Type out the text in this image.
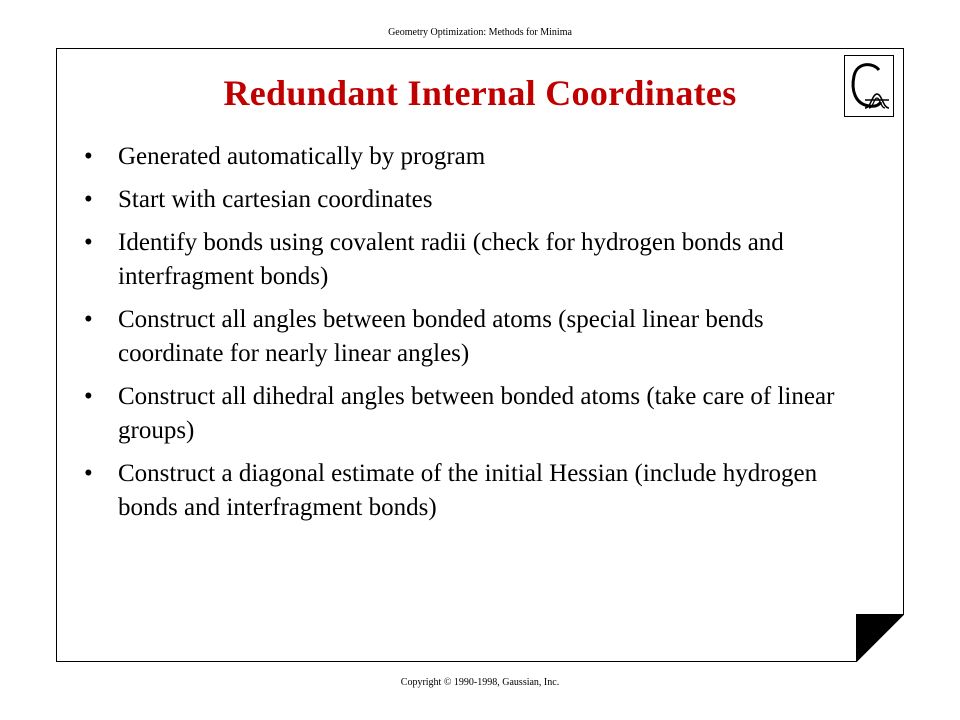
Geometry Optimization: Methods for Minima
Redundant Internal Coordinates
• Generated automatically by program
• Start with cartesian coordinates
• Identify bonds using covalent radii (check for hydrogen bonds and interfragment bonds)
• Construct all angles between bonded atoms (special linear bends coordinate for nearly linear angles)
• Construct all dihedral angles between bonded atoms (take care of linear groups)
• Construct a diagonal estimate of the initial Hessian (include hydrogen bonds and interfragment bonds)
Copyright © 1990-1998, Gaussian, Inc.
